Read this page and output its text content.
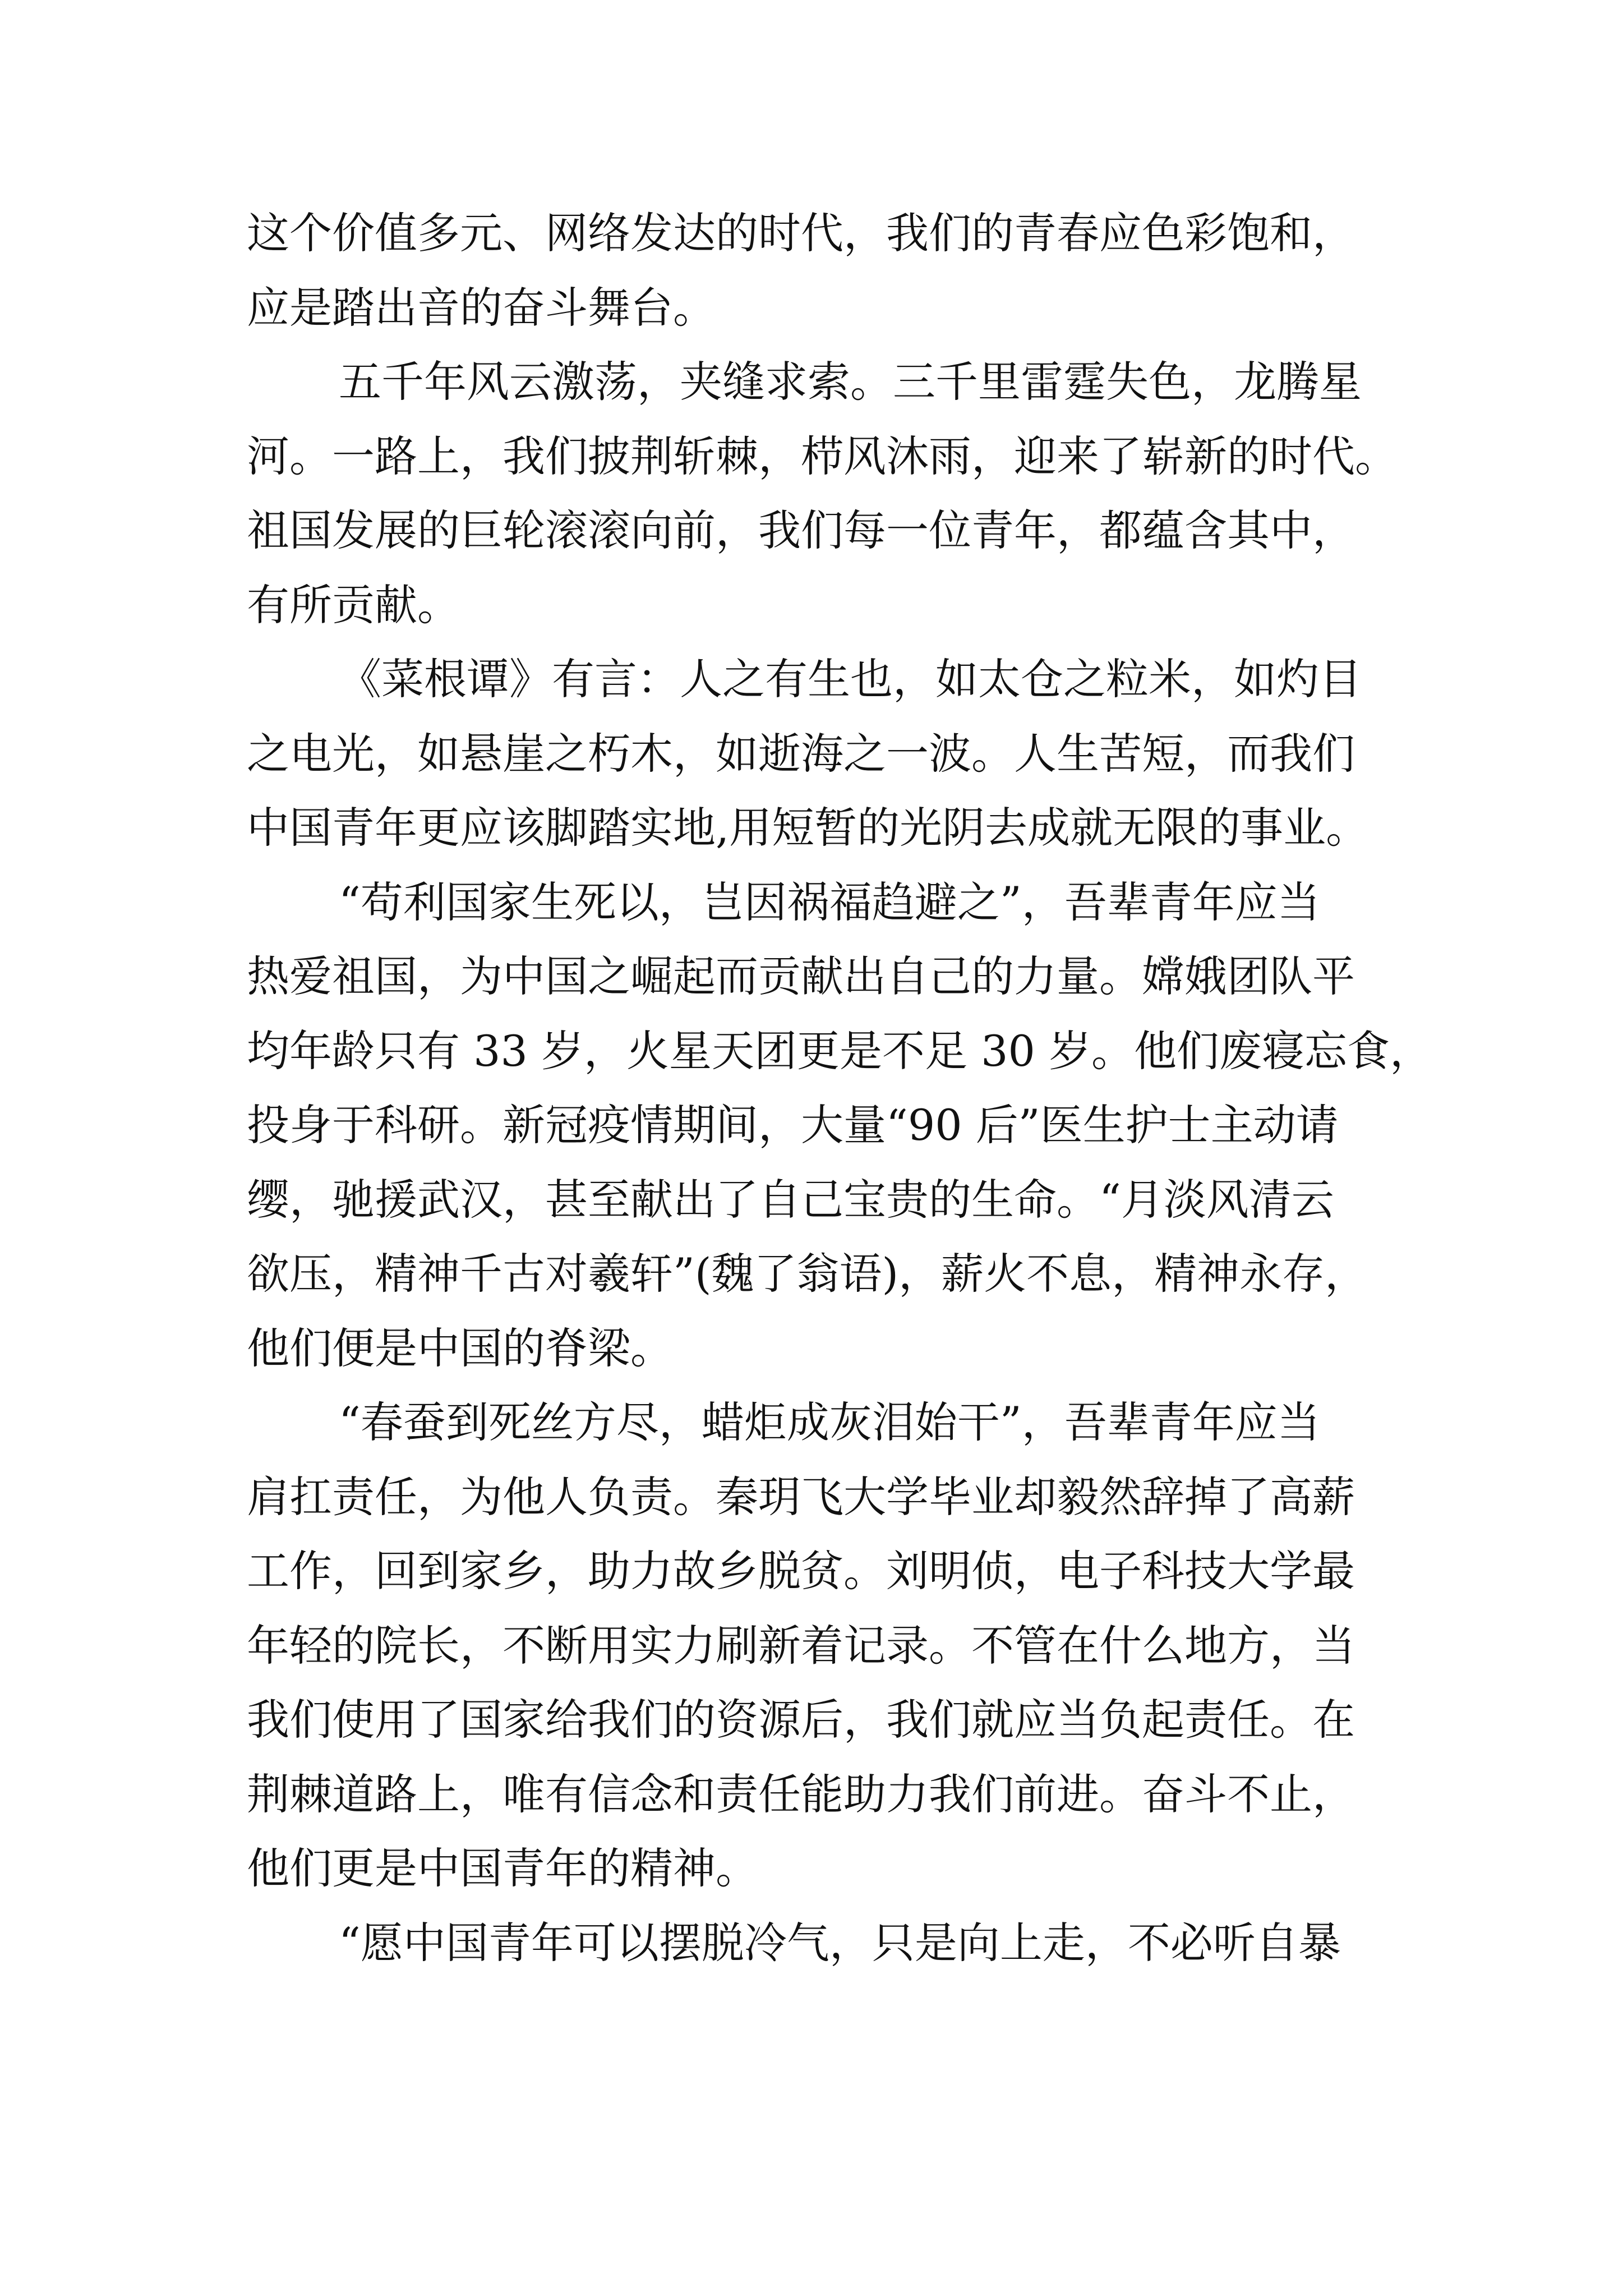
这个价值多元、网络发达的时代，我们的青春应色彩饱和，
应是踏出音的奋斗舞台。
五千年风云激荡，夹缝求索。三千里雷霆失色，龙腾星
河。一路上，我们披荆斩棘，栉风沐雨，迎来了崭新的时代。
祖国发展的巨轮滚滚向前，我们每一位青年，都蕴含其中，
有所贡献。
《菜根谭》有言：人之有生也，如太仓之粒米，如灼目
之电光，如悬崖之朽木，如逝海之一波。人生苦短，而我们
中国青年更应该脚踏实地,用短暂的光阴去成就无限的事业。
“苟利国家生死以，岂因祸福趋避之”，吾辈青年应当
热爱祖国，为中国之崛起而贡献出自己的力量。嫦娥团队平
均年龄只有 33 岁，火星天团更是不足 30 岁。他们废寝忘食，
投身于科研。新冠疫情期间，大量“90 后”医生护士主动请
缨，驰援武汉，甚至献出了自己宝贵的生命。“月淡风清云
欲压，精神千古对羲轩”(魏了翁语)，薪火不息，精神永存，
他们便是中国的脊梁。
“春蚕到死丝方尽，蜡炬成灰泪始干”，吾辈青年应当
肩扛责任，为他人负责。秦玥飞大学毕业却毅然辞掉了高薪
工作，回到家乡，助力故乡脱贫。刘明侦，电子科技大学最
年轻的院长，不断用实力刷新着记录。不管在什么地方，当
我们使用了国家给我们的资源后，我们就应当负起责任。在
荆棘道路上，唯有信念和责任能助力我们前进。奋斗不止，
他们更是中国青年的精神。
“愿中国青年可以摆脱冷气，只是向上走，不必听自暴
